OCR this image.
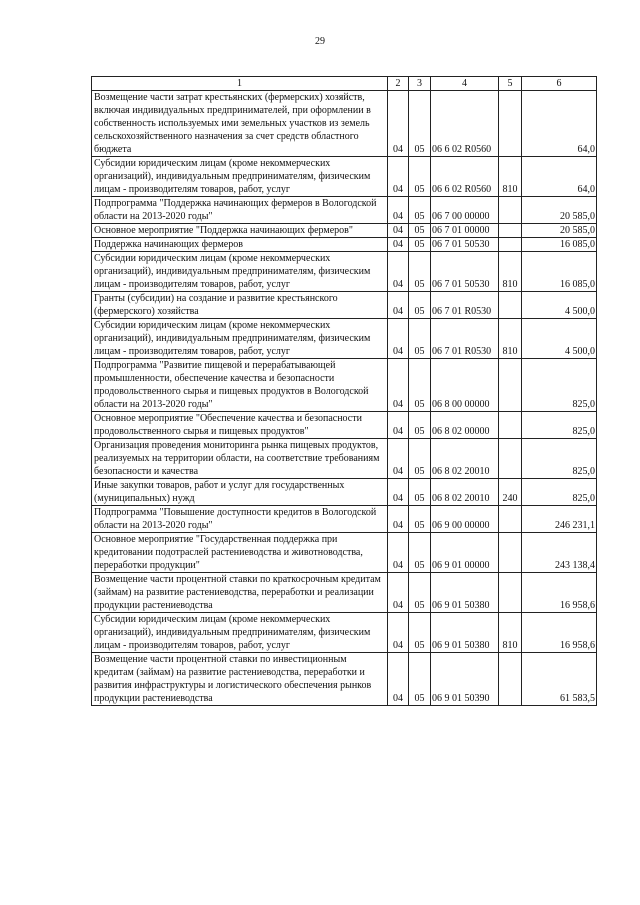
29
1	2	3	4	5	6
Возмещение части затрат крестьянских (фермерских) хозяйств, включая индивидуальных предпринимателей, при оформлении в собственность используемых ими земельных участков из земель сельскохозяйственного назначения за счет средств областного бюджета	04	05	06 6 02 R0560		64,0
Субсидии юридическим лицам (кроме некоммерческих организаций), индивидуальным предпринимателям, физическим лицам - производителям товаров, работ, услуг	04	05	06 6 02 R0560	810	64,0
Подпрограмма "Поддержка начинающих фермеров в Вологодской области на 2013-2020 годы"	04	05	06 7 00 00000		20 585,0
Основное мероприятие "Поддержка начинающих фермеров"	04	05	06 7 01 00000		20 585,0
Поддержка начинающих фермеров	04	05	06 7 01 50530		16 085,0
Субсидии юридическим лицам (кроме некоммерческих организаций), индивидуальным предпринимателям, физическим лицам - производителям товаров, работ, услуг	04	05	06 7 01 50530	810	16 085,0
Гранты (субсидии) на создание и развитие крестьянского (фермерского) хозяйства	04	05	06 7 01 R0530		4 500,0
Субсидии юридическим лицам (кроме некоммерческих организаций), индивидуальным предпринимателям, физическим лицам - производителям товаров, работ, услуг	04	05	06 7 01 R0530	810	4 500,0
Подпрограмма "Развитие пищевой и перерабатывающей промышленности, обеспечение качества и безопасности продовольственного сырья и пищевых продуктов в Вологодской области на 2013-2020 годы"	04	05	06 8 00 00000		825,0
Основное мероприятие "Обеспечение качества и безопасности продовольственного сырья и пищевых продуктов"	04	05	06 8 02 00000		825,0
Организация проведения мониторинга рынка пищевых продуктов, реализуемых на территории области, на соответствие требованиям безопасности и качества	04	05	06 8 02 20010		825,0
Иные закупки товаров, работ и услуг для государственных (муниципальных) нужд	04	05	06 8 02 20010	240	825,0
Подпрограмма "Повышение доступности кредитов в Вологодской области на 2013-2020 годы"	04	05	06 9 00 00000		246 231,1
Основное мероприятие "Государственная поддержка при кредитовании подотраслей растениеводства и животноводства, переработки продукции"	04	05	06 9 01 00000		243 138,4
Возмещение части процентной ставки по краткосрочным кредитам (займам) на развитие растениеводства, переработки и реализации продукции растениеводства	04	05	06 9 01 50380		16 958,6
Субсидии юридическим лицам (кроме некоммерческих организаций), индивидуальным предпринимателям, физическим лицам - производителям товаров, работ, услуг	04	05	06 9 01 50380	810	16 958,6
Возмещение части процентной ставки по инвестиционным кредитам (займам) на развитие растениеводства, переработки и развития инфраструктуры и логистического обеспечения рынков продукции растениеводства	04	05	06 9 01 50390		61 583,5
